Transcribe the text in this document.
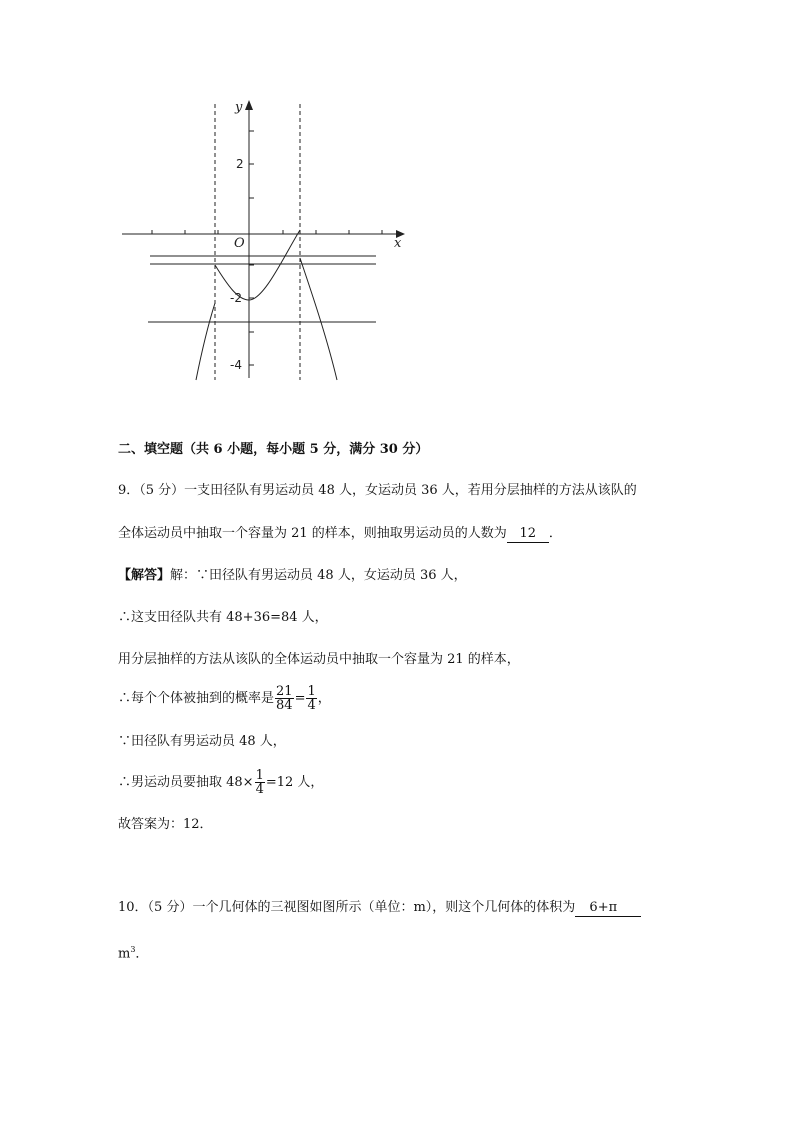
y
x
O
2
-2
-4
二、填空题（共 6 小题，每小题 5 分，满分 30 分）
9．（5 分）一支田径队有男运动员 48 人，女运动员 36 人，若用分层抽样的方法从该队的
全体运动员中抽取一个容量为 21 的样本，则抽取男运动员的人数为 12 ．
【解答】解：∵田径队有男运动员 48 人，女运动员 36 人，
∴这支田径队共有 48+36=84 人，
用分层抽样的方法从该队的全体运动员中抽取一个容量为 21 的样本，
∴每个个体被抽到的概率是 $\frac{21}{84} = \frac{1}{4}$ ，
∵田径队有男运动员 48 人，
∴男运动员要抽取 $48\times \frac{1}{4} =12$ 人，
故答案为：12．
10．（5 分）一个几何体的三视图如图所示（单位：m），则这个几何体的体积为 6+π
$m^3$．
